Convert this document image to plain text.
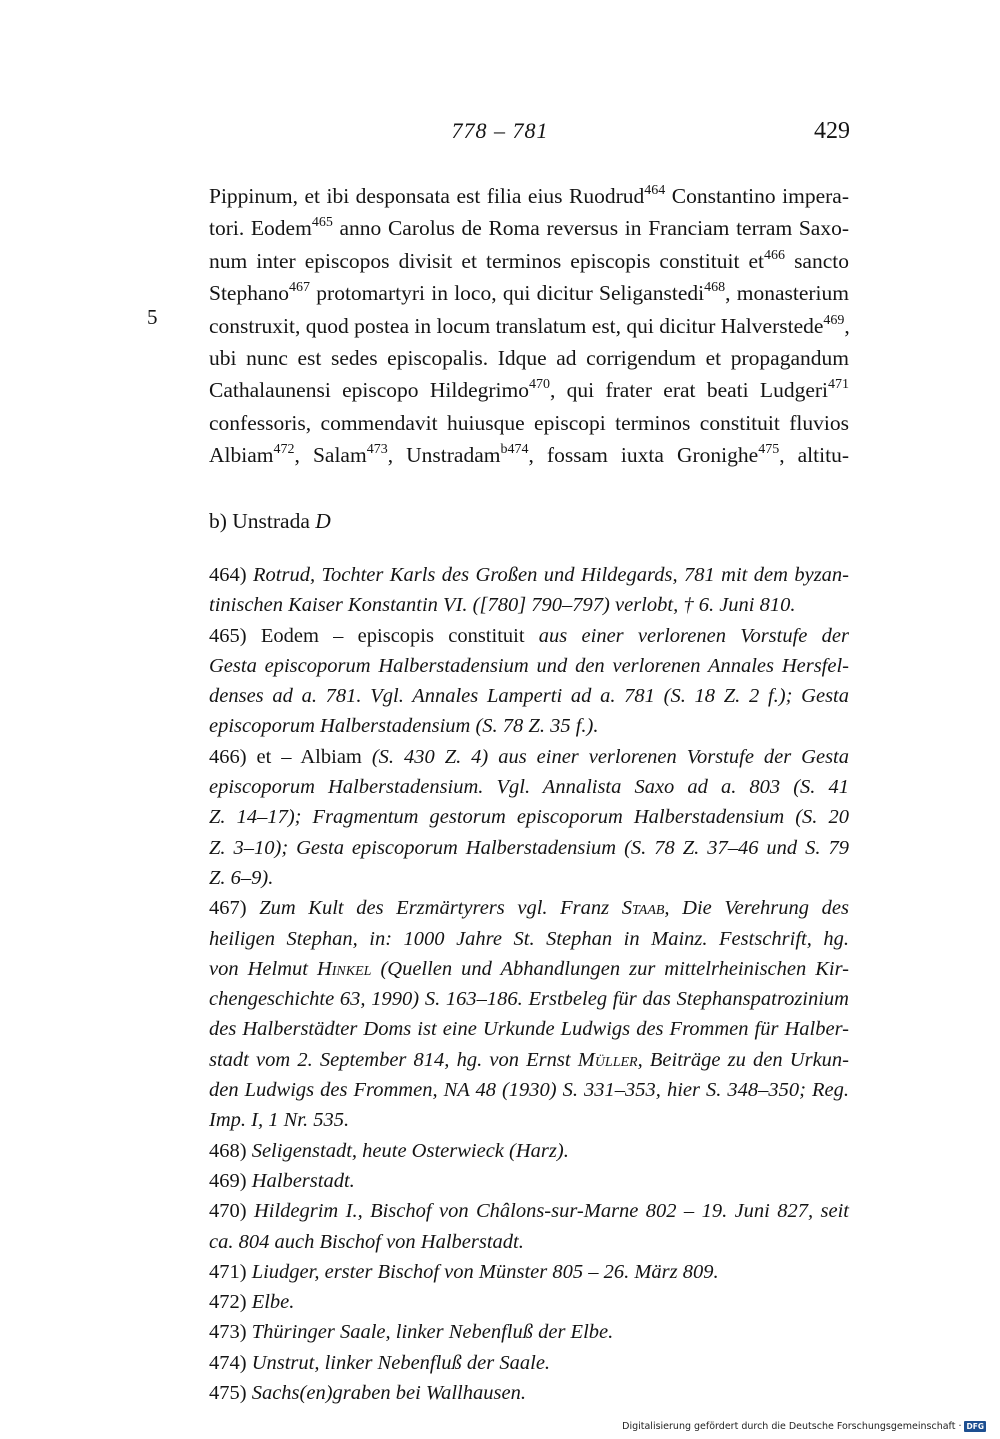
778 – 781	429
Pippinum, et ibi desponsata est filia eius Ruodrud$^{464}$ Constantino impera-
tori. Eodem$^{465}$ anno Carolus de Roma reversus in Franciam terram Saxo-
num inter episcopos divisit et terminos episcopis constituit $et^{466}$ sancto
Stephano$^{467}$ protomartyri in loco, qui dicitur Seliganstedi$^{468}$, monasterium
construxit, quod postea in locum translatum est, qui dicitur Halverstede$^{469}$,
ubi nunc est sedes episcopalis. Idque ad corrigendum et propagandum
Cathalaunensi episcopo Hildegrimo$^{470}$, qui frater erat beati Ludgeri$^{471}$
confessoris, commendavit huiusque episcopi terminos constituit fluvios
Albiam$^{472}$, Salam$^{473}$, Unstradam$^{b474}$, fossam iuxta Gronighe$^{475}$, altitu-
5
b) Unstrada D
464) Rotrud, Tochter Karls des Großen und Hildegards, 781 mit dem byzan-
tinischen Kaiser Konstantin VI. ([780] 790–797) verlobt, † 6. Juni 810.
465) Eodem – episcopis constituit aus einer verlorenen Vorstufe der
Gesta episcoporum Halberstadensium und den verlorenen Annales Hersfel-
denses ad a. 781. Vgl. Annales Lamperti ad a. 781 (S. 18 Z. 2 f.); Gesta
episcoporum Halberstadensium (S. 78 Z. 35 f.).
466) et – Albiam (S. 430 Z. 4) aus einer verlorenen Vorstufe der Gesta
episcoporum Halberstadensium. Vgl. Annalista Saxo ad a. 803 (S. 41
Z. 14–17); Fragmentum gestorum episcoporum Halberstadensium (S. 20
Z. 3–10); Gesta episcoporum Halberstadensium (S. 78 Z. 37–46 und S. 79
Z. 6–9).
467) Zum Kult des Erzmärtyrers vgl. Franz Staab, Die Verehrung des
heiligen Stephan, in: 1000 Jahre St. Stephan in Mainz. Festschrift, hg.
von Helmut Hinkel (Quellen und Abhandlungen zur mittelrheinischen Kir-
chengeschichte 63, 1990) S. 163–186. Erstbeleg für das Stephanspatrozinium
des Halberstädter Doms ist eine Urkunde Ludwigs des Frommen für Halber-
stadt vom 2. September 814, hg. von Ernst Müller, Beiträge zu den Urkun-
den Ludwigs des Frommen, NA 48 (1930) S. 331–353, hier S. 348–350; Reg.
Imp. I, 1 Nr. 535.
468) Seligenstadt, heute Osterwieck (Harz).
469) Halberstadt.
470) Hildegrim I., Bischof von Châlons-sur-Marne 802 – 19. Juni 827, seit
ca. 804 auch Bischof von Halberstadt.
471) Liudger, erster Bischof von Münster 805 – 26. März 809.
472) Elbe.
473) Thüringer Saale, linker Nebenfluß der Elbe.
474) Unstrut, linker Nebenfluß der Saale.
475) Sachs(en)graben bei Wallhausen.
Digitalisierung gefördert durch die Deutsche Forschungsgemeinschaft · DFG
